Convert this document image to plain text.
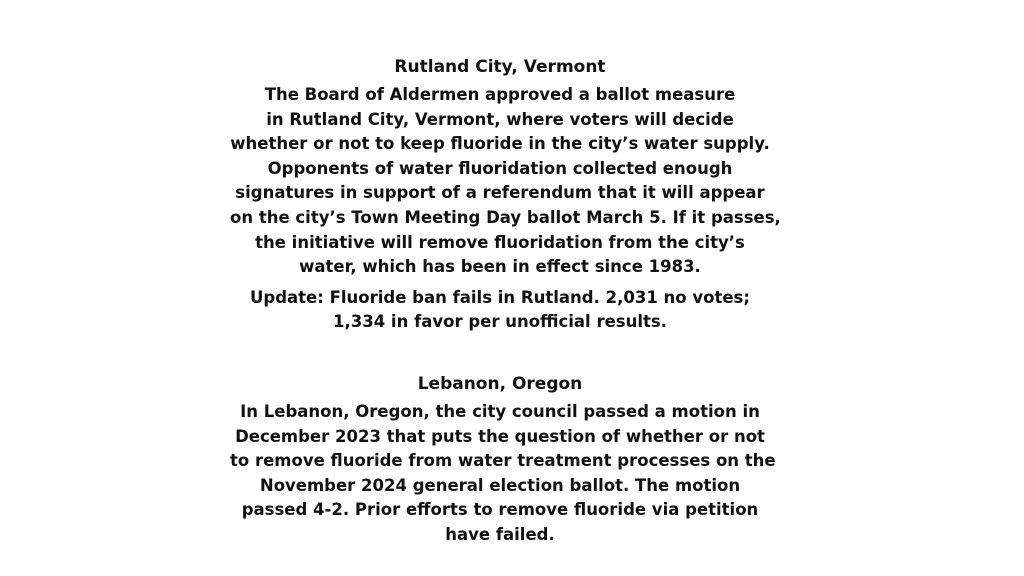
Rutland City, Vermont

The Board of Aldermen approved a ballot measure
in Rutland City, Vermont, where voters will decide
whether or not to keep fluoride in the city’s water supply.
Opponents of water fluoridation collected enough
signatures in support of a referendum that it will appear
on the city’s Town Meeting Day ballot March 5. If it passes,
the initiative will remove fluoridation from the city’s
water, which has been in effect since 1983.

Update: Fluoride ban fails in Rutland. 2,031 no votes;
1,334 in favor per unofficial results.

Lebanon, Oregon

In Lebanon, Oregon, the city council passed a motion in
December 2023 that puts the question of whether or not
to remove fluoride from water treatment processes on the
November 2024 general election ballot. The motion
passed 4-2. Prior efforts to remove fluoride via petition
have failed.
